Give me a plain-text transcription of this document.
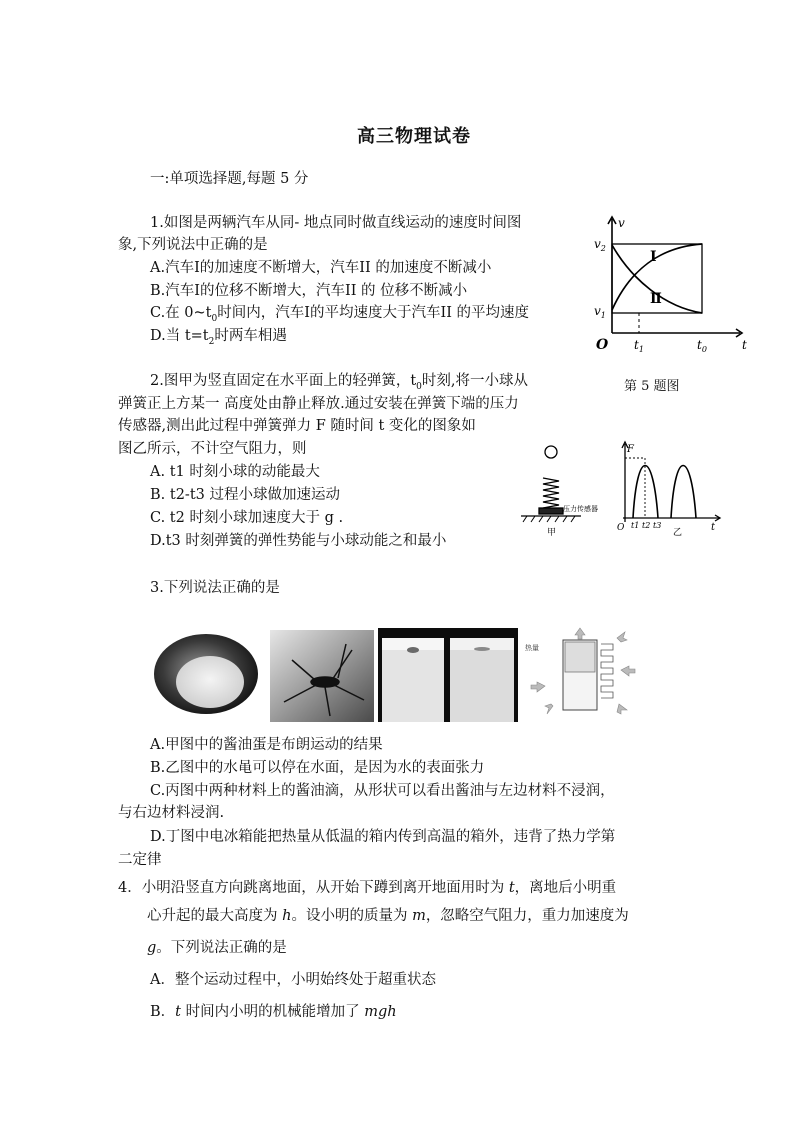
高三物理试卷
一:单项选择题,每题 5 分
1.如图是两辆汽车从同- 地点同时做直线运动的速度时间图
象,下列说法中正确的是
A.汽车Ⅰ的加速度不断增大，汽车II 的加速度不断减小
B.汽车Ⅰ的位移不断增大，汽车II 的 位移不断减小
C.在 $0\sim t_0$时间内，汽车Ⅰ的平均速度大于汽车II 的平均速度
D.当 $t=t_2$时两车相遇
v
t
O
$v_2$
$v_1$
$t_1$	$t_0$
Ⅰ
Ⅱ
第 5 题图
2.图甲为竖直固定在水平面上的轻弹簧，$t_0$时刻,将一小球从
弹簧正上方某一 高度处由静止释放.通过安装在弹簧下端的压力
传感器,测出此过程中弹簧弹力 F 随时间 t 变化的图象如
图乙所示，不计空气阻力，则
A. t1 时刻小球的动能最大
B. t2-t3 过程小球做加速运动
C. t2 时刻小球加速度大于 g .
D.t3 时刻弹簧的弹性势能与小球动能之和最小
压力传感器
甲
F
t
O t1 t2 t3
乙
3.下列说法正确的是
热量
A.甲图中的酱油蛋是布朗运动的结果
B.乙图中的水黾可以停在水面，是因为水的表面张力
C.丙图中两种材料上的酱油滴，从形状可以看出酱油与左边材料不浸润，
与右边材料浸润.
D.丁图中电冰箱能把热量从低温的箱内传到高温的箱外，违背了热力学第
二定律
4．小明沿竖直方向跳离地面，从开始下蹲到离开地面用时为 t，离地后小明重
心升起的最大高度为 h。设小明的质量为 m，忽略空气阻力，重力加速度为
g。下列说法正确的是
A．整个运动过程中，小明始终处于超重状态
B．t 时间内小明的机械能增加了 mgh
